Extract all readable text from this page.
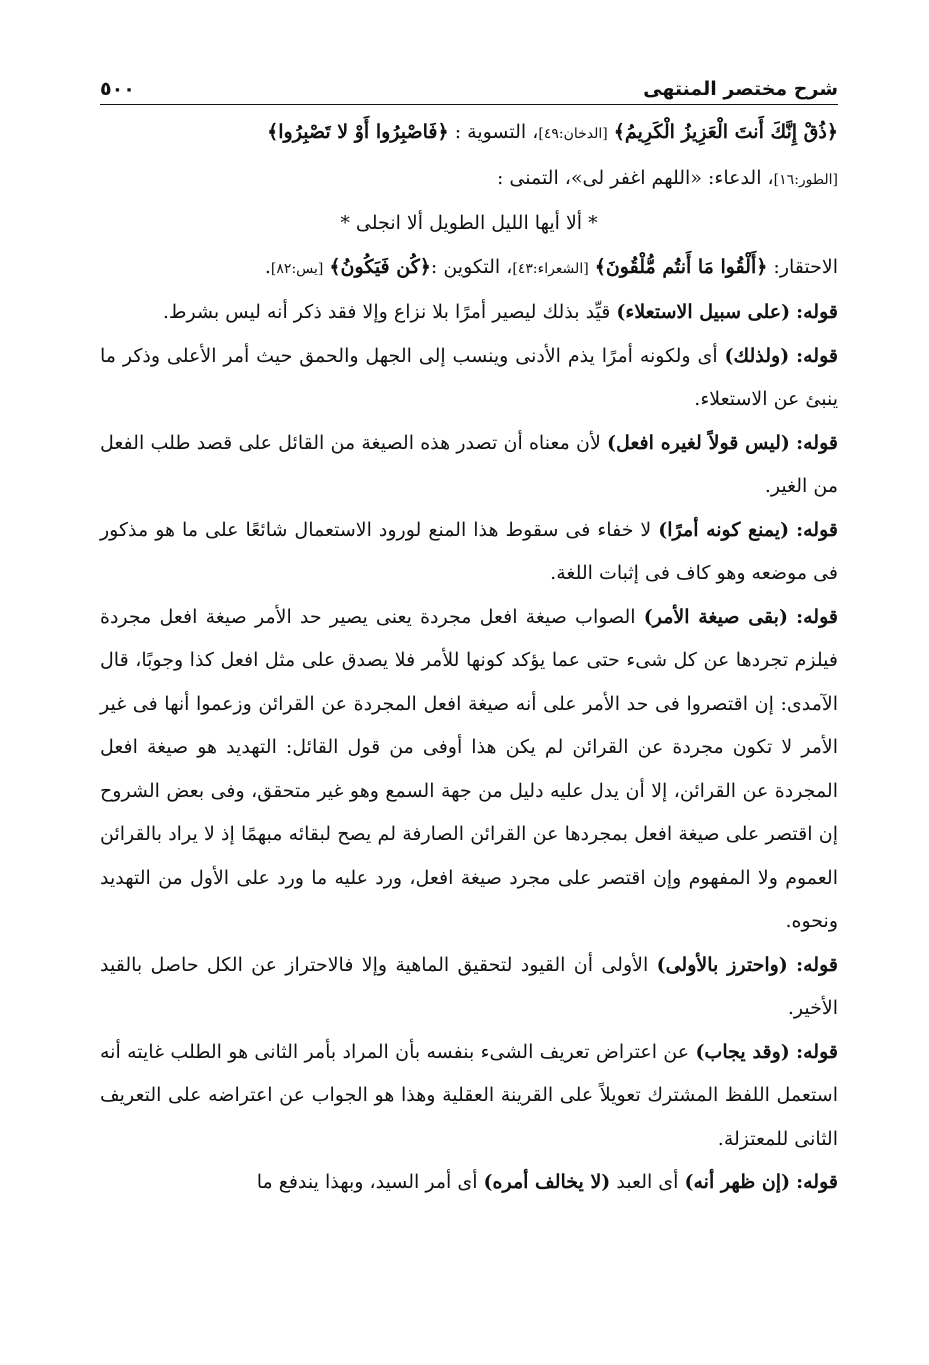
شرح مختصر المنتهى
٥٠٠

﴿ذُقْ إِنَّكَ أَنتَ الْعَزِيزُ الْكَرِيمُ﴾ [الدخان:٤٩]، التسوية : ﴿فَاصْبِرُوا أَوْ لا تَصْبِرُوا﴾

[الطور:١٦]، الدعاء: «اللهم اغفر لى»، التمنى :

* ألا أيها الليل الطويل ألا انجلى *

الاحتقار: ﴿أَلْقُوا مَا أَنتُم مُّلْقُونَ﴾ [الشعراء:٤٣]، التكوين :﴿كُن فَيَكُونُ﴾ [يس:٨٢].

قوله: (على سبيل الاستعلاء) قيِّد بذلك ليصير أمرًا بلا نزاع وإلا فقد ذكر أنه ليس بشرط.

قوله: (ولذلك) أى ولكونه أمرًا يذم الأدنى وينسب إلى الجهل والحمق حيث أمر الأعلى وذكر ما ينبئ عن الاستعلاء.

قوله: (ليس قولاً لغيره افعل) لأن معناه أن تصدر هذه الصيغة من القائل على قصد طلب الفعل من الغير.

قوله: (يمنع كونه أمرًا) لا خفاء فى سقوط هذا المنع لورود الاستعمال شائعًا على ما هو مذكور فى موضعه وهو كاف فى إثبات اللغة.

قوله: (بقى صيغة الأمر) الصواب صيغة افعل مجردة يعنى يصير حد الأمر صيغة افعل مجردة فيلزم تجردها عن كل شىء حتى عما يؤكد كونها للأمر فلا يصدق على مثل افعل كذا وجوبًا، قال الآمدى: إن اقتصروا فى حد الأمر على أنه صيغة افعل المجردة عن القرائن وزعموا أنها فى غير الأمر لا تكون مجردة عن القرائن لم يكن هذا أوفى من قول القائل: التهديد هو صيغة افعل المجردة عن القرائن، إلا أن يدل عليه دليل من جهة السمع وهو غير متحقق، وفى بعض الشروح إن اقتصر على صيغة افعل بمجردها عن القرائن الصارفة لم يصح لبقائه مبهمًا إذ لا يراد بالقرائن العموم ولا المفهوم وإن اقتصر على مجرد صيغة افعل، ورد عليه ما ورد على الأول من التهديد ونحوه.

قوله: (واحترز بالأولى) الأولى أن القيود لتحقيق الماهية وإلا فالاحتراز عن الكل حاصل بالقيد الأخير.

قوله: (وقد يجاب) عن اعتراض تعريف الشىء بنفسه بأن المراد بأمر الثانى هو الطلب غايته أنه استعمل اللفظ المشترك تعويلاً على القرينة العقلية وهذا هو الجواب عن اعتراضه على التعريف الثانى للمعتزلة.

قوله: (إن ظهر أنه) أى العبد (لا يخالف أمره) أى أمر السيد، وبهذا يندفع ما
